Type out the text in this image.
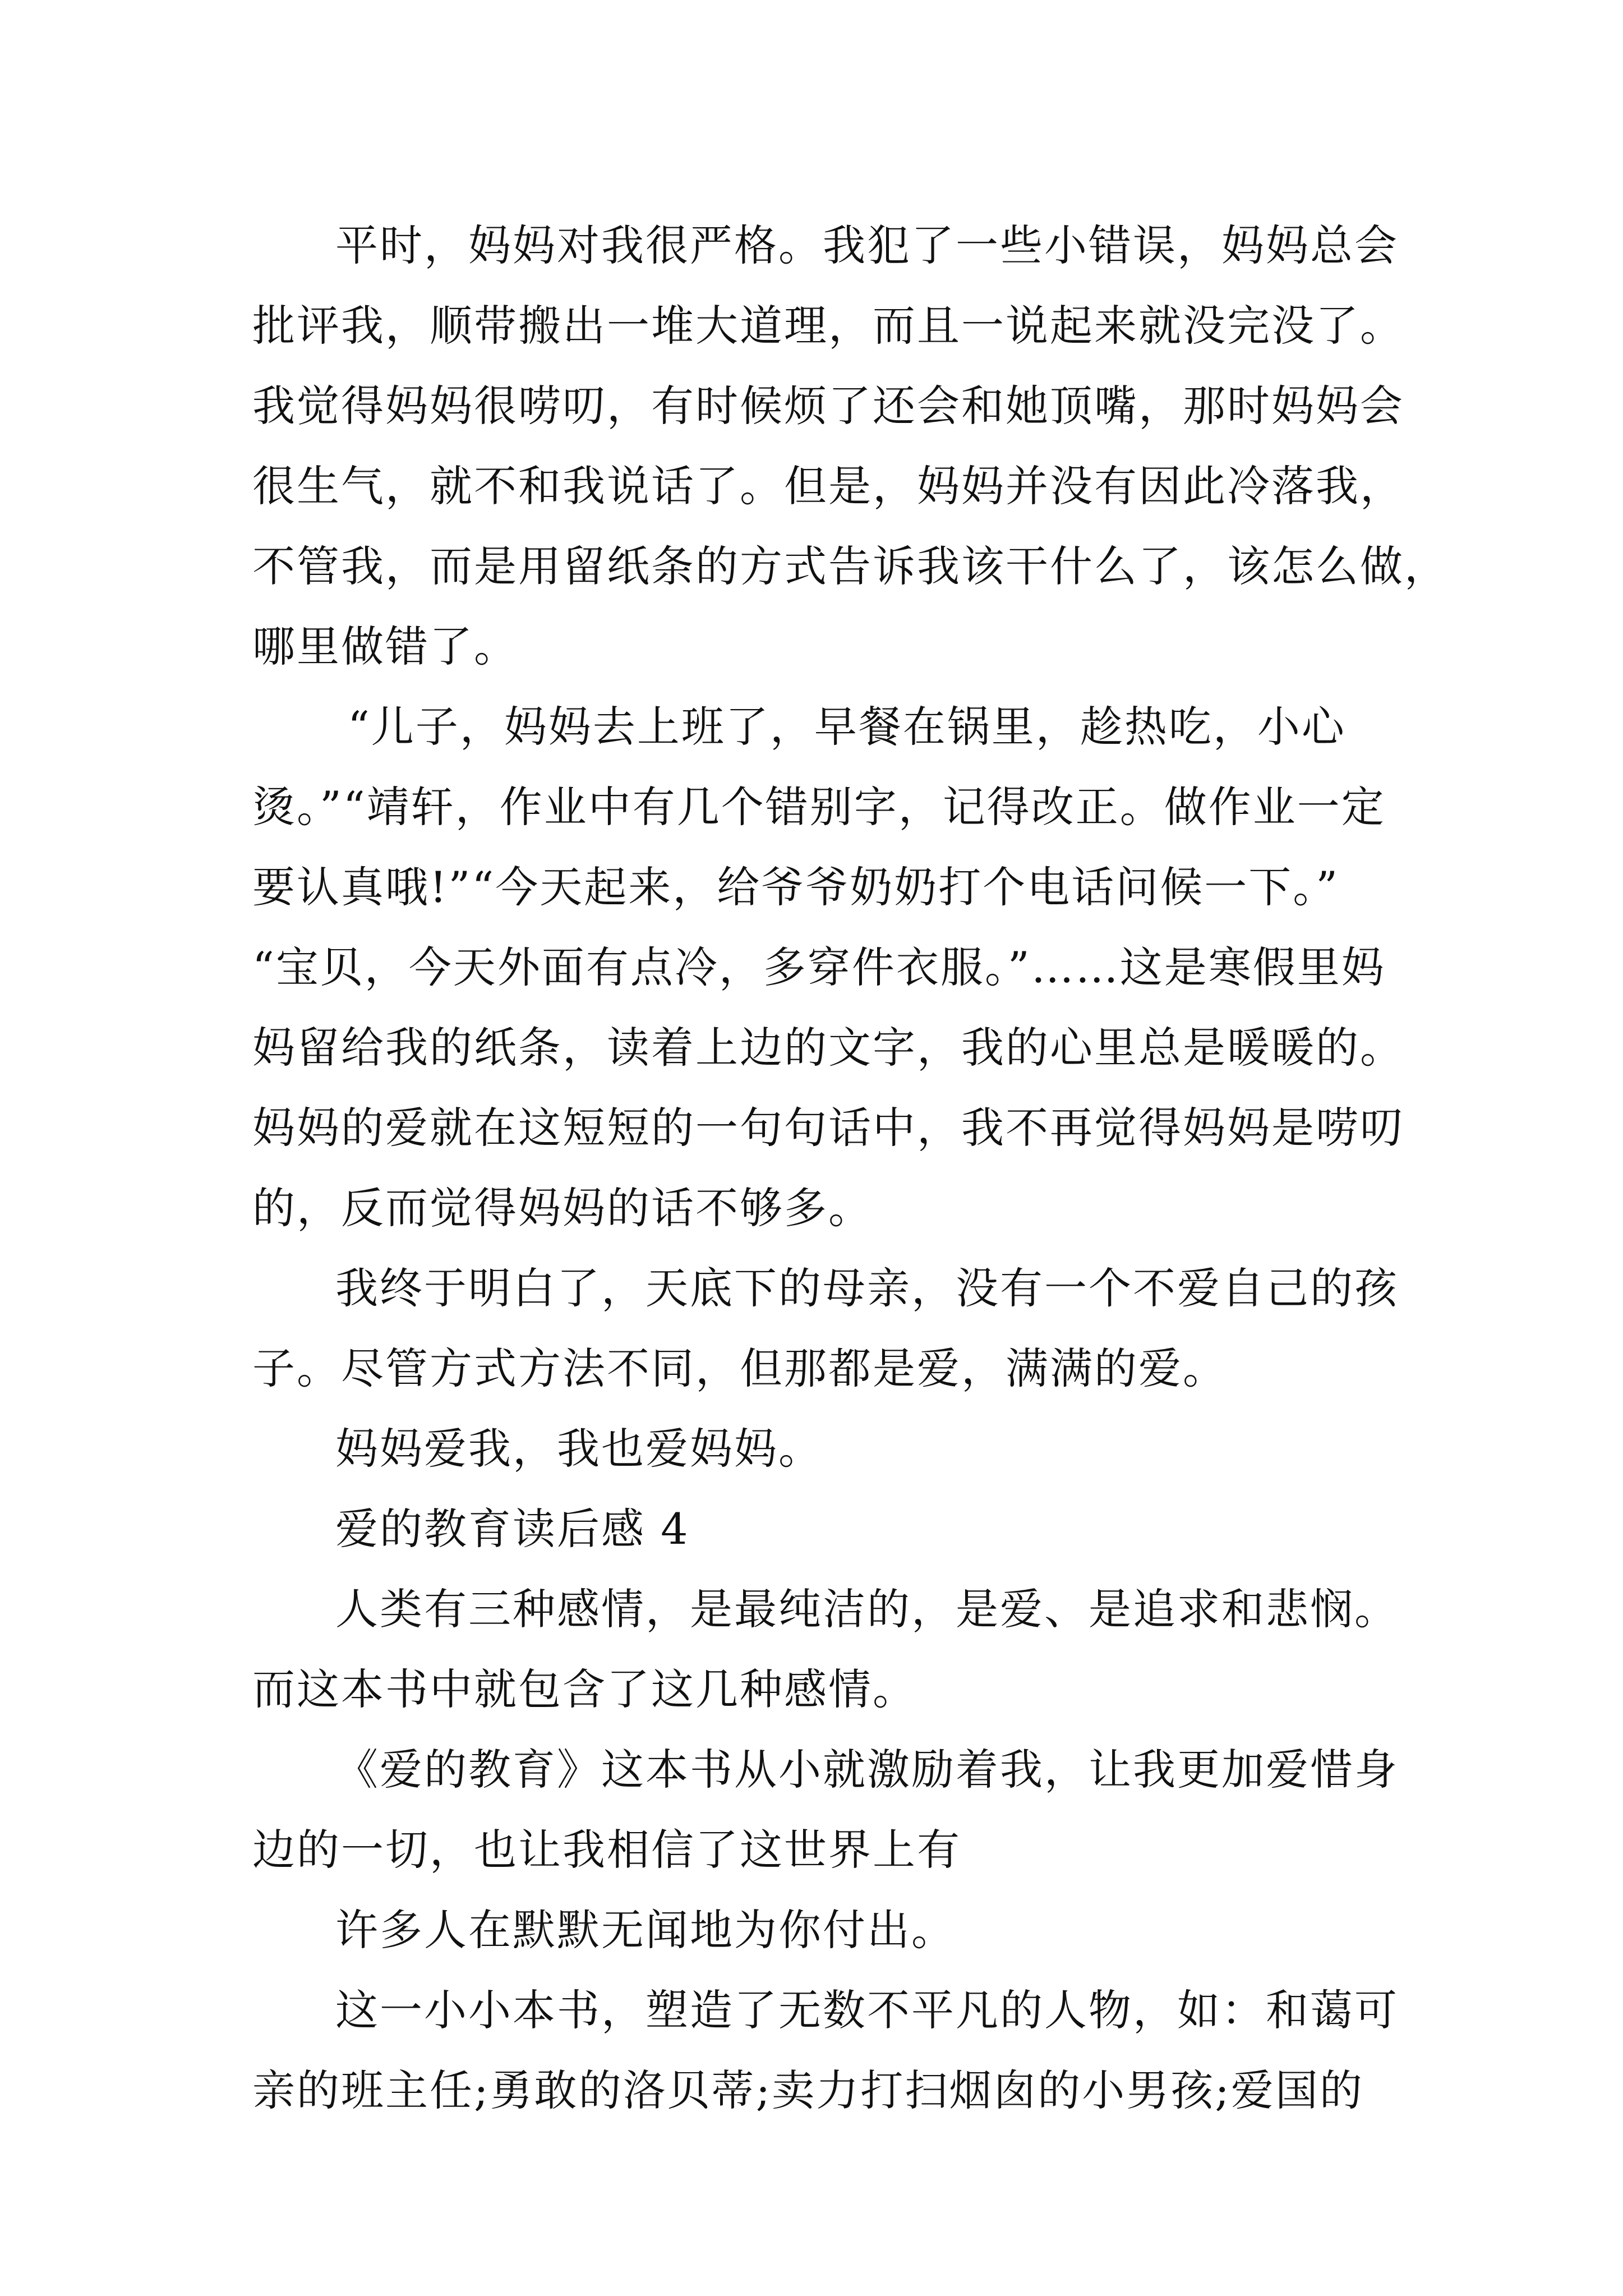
平时，妈妈对我很严格。我犯了一些小错误，妈妈总会
批评我，顺带搬出一堆大道理，而且一说起来就没完没了。
我觉得妈妈很唠叨，有时候烦了还会和她顶嘴，那时妈妈会
很生气，就不和我说话了。但是，妈妈并没有因此冷落我，
不管我，而是用留纸条的方式告诉我该干什么了，该怎么做，
哪里做错了。
“儿子，妈妈去上班了，早餐在锅里，趁热吃，小心
烫。”“靖轩，作业中有几个错别字，记得改正。做作业一定
要认真哦!”“今天起来，给爷爷奶奶打个电话问候一下。”
“宝贝，今天外面有点冷，多穿件衣服。”……这是寒假里妈
妈留给我的纸条，读着上边的文字，我的心里总是暖暖的。
妈妈的爱就在这短短的一句句话中，我不再觉得妈妈是唠叨
的，反而觉得妈妈的话不够多。
我终于明白了，天底下的母亲，没有一个不爱自己的孩
子。尽管方式方法不同，但那都是爱，满满的爱。
妈妈爱我，我也爱妈妈。
爱的教育读后感 4
人类有三种感情，是最纯洁的，是爱、是追求和悲悯。
而这本书中就包含了这几种感情。
《爱的教育》这本书从小就激励着我，让我更加爱惜身
边的一切，也让我相信了这世界上有
许多人在默默无闻地为你付出。
这一小小本书，塑造了无数不平凡的人物，如：和蔼可
亲的班主任;勇敢的洛贝蒂;卖力打扫烟囱的小男孩;爱国的
